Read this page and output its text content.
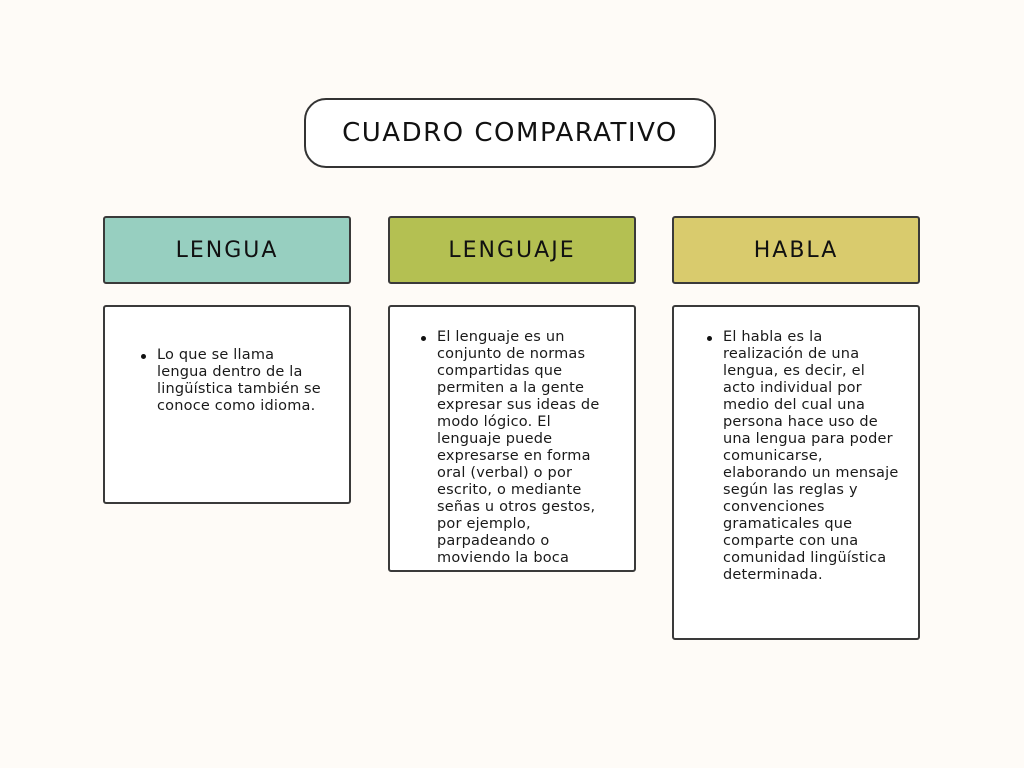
CUADRO COMPARATIVO
LENGUA	LENGUAJE	HABLA
Lo que se llama lengua dentro de la lingüística también se conoce como idioma.
El lenguaje es un conjunto de normas compartidas que permiten a la gente expresar sus ideas de modo lógico. El lenguaje puede expresarse en forma oral (verbal) o por escrito, o mediante señas u otros gestos, por ejemplo, parpadeando o moviendo la boca
El habla es la realización de una lengua, es decir, el acto individual por medio del cual una persona hace uso de una lengua para poder comunicarse, elaborando un mensaje según las reglas y convenciones gramaticales que comparte con una comunidad lingüística determinada.
